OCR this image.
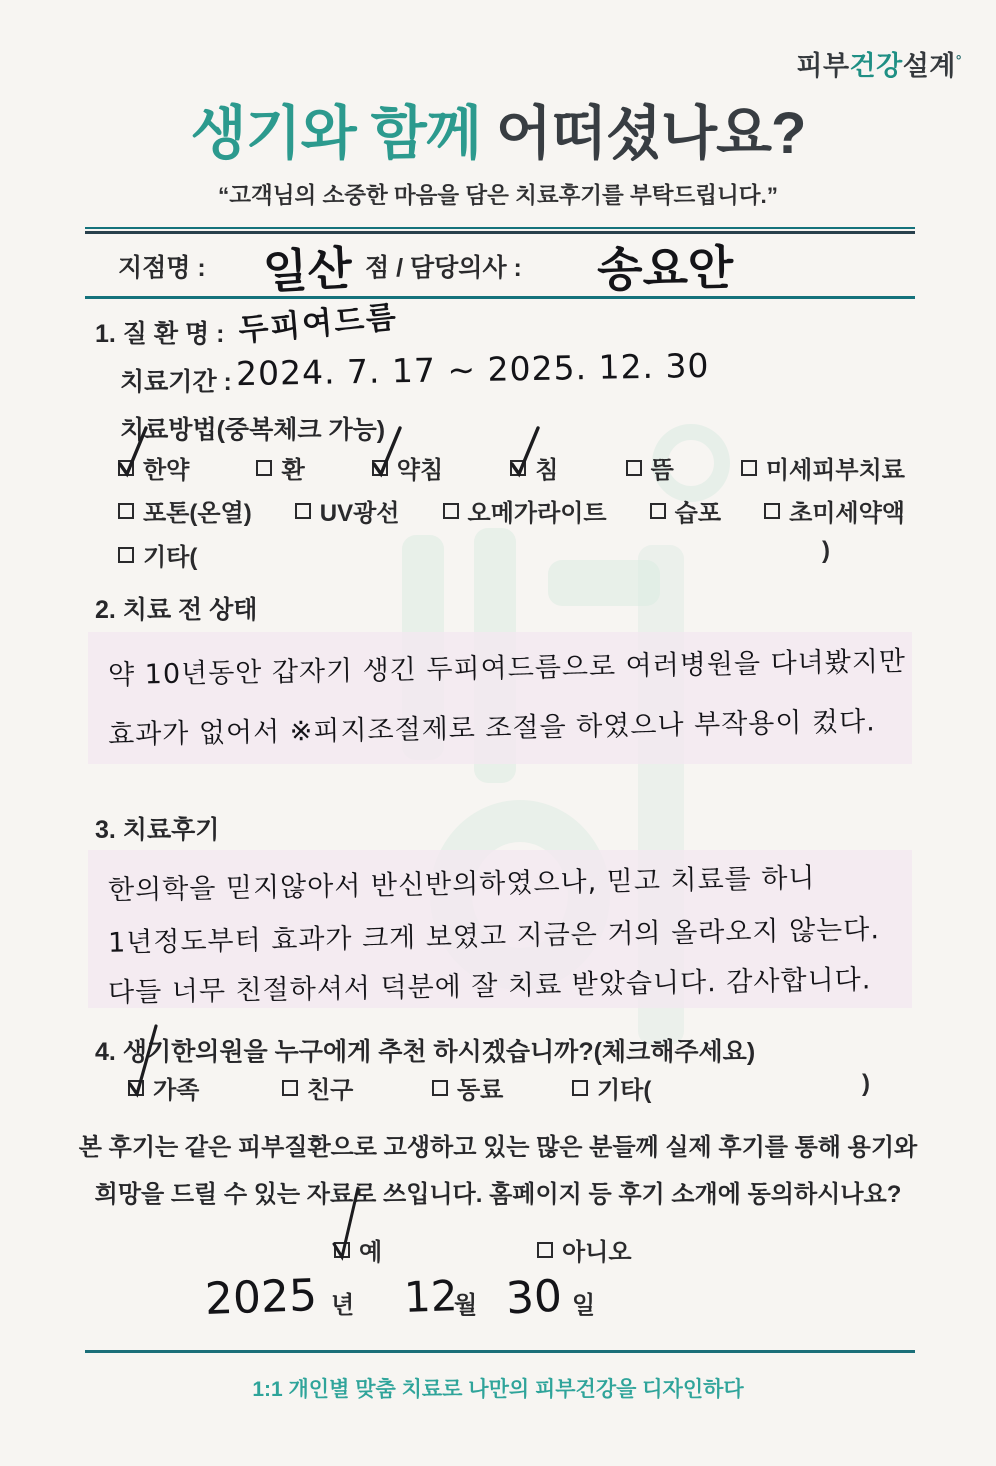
피부건강설계°
생기와 함께 어떠셨나요?
“고객님의 소중한 마음을 담은 치료후기를 부탁드립니다.”
지점명 : 일산 점 / 담당의사 : 송요안
1. 질 환 명 : 두피여드름
치료기간 : 2024. 7. 17 ~ 2025. 12. 30
치료방법(중복체크 가능)
한약	환	약침	침	뜸	미세피부치료
포톤(온열)	UV광선	오메가라이트	습포	초미세약액
기타(	)
2. 치료 전 상태
약 10년동안 갑자기 생긴 두피여드름으로 여러병원을 다녀봤지만
효과가 없어서 ※피지조절제로 조절을 하였으나 부작용이 컸다.
3. 치료후기
한의학을 믿지않아서 반신반의하였으나, 믿고 치료를 하니
1년정도부터 효과가 크게 보였고 지금은 거의 올라오지 않는다.
다들 너무 친절하셔서 덕분에 잘 치료 받았습니다. 감사합니다.
4. 생기한의원을 누구에게 추천 하시겠습니까?(체크해주세요)
가족	친구	동료	기타(	)
본 후기는 같은 피부질환으로 고생하고 있는 많은 분들께 실제 후기를 통해 용기와
희망을 드릴 수 있는 자료로 쓰입니다. 홈페이지 등 후기 소개에 동의하시나요?
예	아니오
2025 년 12
월 30 일
1:1 개인별 맞춤 치료로 나만의 피부건강을 디자인하다
